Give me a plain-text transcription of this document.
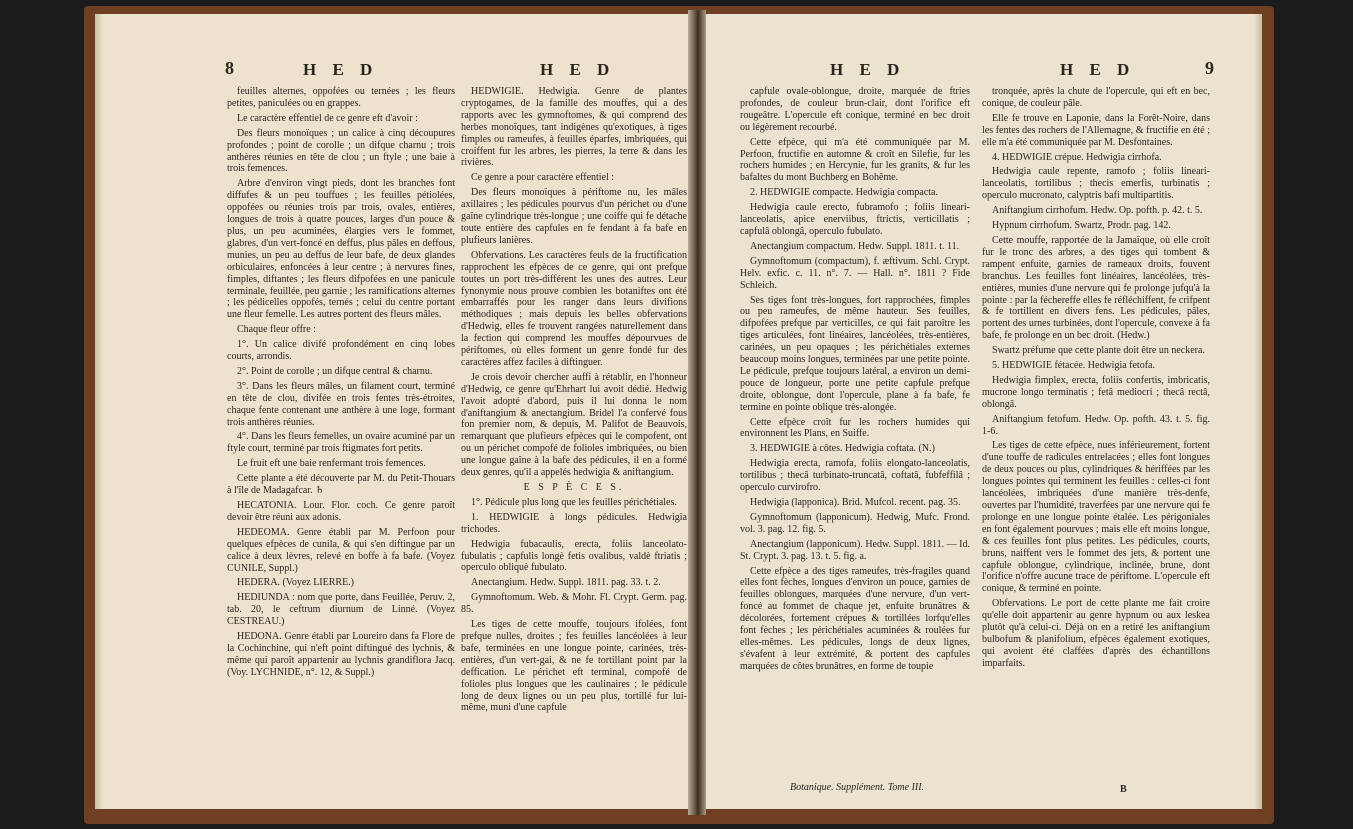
8	H E D	H E D

feuilles alternes, oppofées ou ternées ; les fleurs petites, paniculées ou en grappes.

Le caractère effentiel de ce genre eft d'avoir :

Des fleurs monoïques ; un calice à cinq découpures profondes ; point de corolle ; un difque charnu ; trois anthères réunies en tête de clou ; un ftyle ; une baie à trois femences.

Arbre d'environ vingt pieds, dont les branches font diffufes & un peu touffues ; les feuilles pétiolées, oppofées ou réunies trois par trois, ovales, entières, longues de trois à quatre pouces, larges d'un pouce & plus, un peu acuminées, élargies vers le fommet, glabres, d'un vert-foncé en deffus, plus pâles en deffous, munies, un peu au deffus de leur bafe, de deux glandes orbiculaires, enfoncées à leur centre ; à nervures fines, fimples, diftantes ; les fleurs difpofées en une panicule terminale, feuillée, peu garnie ; les ramifications alternes ; les pédicelles oppofés, ternés ; celui du centre portant une fleur femelle. Les autres portent des fleurs mâles.

Chaque fleur offre :

1°. Un calice divifé profondément en cinq lobes courts, arrondis.

2°. Point de corolle ; un difque central & charnu.

3°. Dans les fleurs mâles, un filament court, terminé en tête de clou, divifée en trois fentes très-étroites, chaque fente contenant une anthère à une loge, formant trois anthères réunies.

4°. Dans les fleurs femelles, un ovaire acuminé par un ftyle court, terminé par trois ftigmates fort petits.

Le fruit eft une baie renfermant trois femences.

Cette plante a été découverte par M. du Petit-Thouars à l'île de Madagafcar. ♄

HECATONIA. Lour. Flor. coch. Ce genre paroît devoir être réuni aux adonis.

HEDEOMA. Genre établi par M. Perfoon pour quelques efpèces de cunila, & qui s'en diftingue par un calice à deux lèvres, relevé en boffe à fa bafe. (Voyez CUNILE, Suppl.)

HEDERA. (Voyez LIERRE.)

HEDIUNDA : nom que porte, dans Feuillée, Peruv. 2, tab. 20, le ceftrum diurnum de Linné. (Voyez CESTREAU.)

HEDONA. Genre établi par Loureiro dans fa Flore de la Cochinchine, qui n'eft point diftingué des lychnis, & même qui paroît appartenir au lychnis grandiflora Jacq. (Voy. LYCHNIDE, n°. 12, & Suppl.)

HEDWIGIE. Hedwigia. Genre de plantes cryptogames, de la famille des mouffes, qui a des rapports avec les gymnoftomes, & qui comprend des herbes monoïques, tant indigènes qu'exotiques, à tiges fimples ou rameufes, à feuilles éparfes, imbriquées, qui croiffent fur les arbres, les pierres, la terre & dans les rivières.

Ce genre a pour caractère effentiel :

Des fleurs monoïques à périftome nu, les mâles axillaires ; les pédicules pourvus d'un périchet ou d'une gaîne cylindrique très-longue ; une coiffe qui fe détache toute entière des capfules en fe fendant à fa bafe en plufieurs lanières.

Obfervations. Les caractères feuls de la fructification rapprochent les efpèces de ce genre, qui ont prefque toutes un port très-différent les unes des autres. Leur fynonymie nous prouve combien les botaniftes ont été embarraffés pour les ranger dans leurs divifions méthodiques ; mais depuis les belles obfervations d'Hedwig, elles fe trouvent rangées naturellement dans la fection qui comprend les mouffes dépourvues de périftomes, où elles forment un genre fondé fur des caractères affez faciles à diftinguer.

Je crois devoir chercher auffi à rétablir, en l'honneur d'Hedwig, ce genre qu'Ehrhart lui avoit dédié. Hedwig l'avoit adopté d'abord, puis il lui donna le nom d'aniftangium & anectangium. Bridel l'a confervé fous fon premier nom, & depuis, M. Palifot de Beauvois, remarquant que plufieurs efpèces qui le compofent, ont ou un périchet compofé de folioles imbriquées, ou bien une longue gaîne à la bafe des pédicules, il en a formé deux genres, qu'il a appelés hedwigia & aniftangium.

E S P È C E S.

1°. Pédicule plus long que les feuilles périchétiales.

1. HEDWIGIE à longs pédicules. Hedwigia trichodes.

Hedwigia fubacaulis, erecta, foliis lanceolato-fubulatis ; capfulis longè fetis ovalibus, valdè ftriatis ; operculo obliquè fubulato.

Anectangium. Hedw. Suppl. 1811. pag. 33. t. 2.

Gymnoftomum. Web. & Mohr. Fl. Crypt. Germ. pag. 85.

Les tiges de cette mouffe, toujours ifolées, font prefque nulles, droites ; fes feuilles lancéolées à leur bafe, terminées en une longue pointe, carinées, très-entières, d'un vert-gai, & ne fe tortillant point par la deffication. Le périchet eft terminal, compofé de folioles plus longues que les caulinaires ; le pédicule long de deux lignes ou un peu plus, tortillé fur lui-même, muni d'une capfule

H E D	H E D	9

capfule ovale-oblongue, droite, marquée de ftries profondes, de couleur brun-clair, dont l'orifice eft rougeâtre. L'opercule eft conique, terminé en bec droit ou légèrement recourbé.

Cette efpèce, qui m'a été communiquée par M. Perfoon, fructifie en automne & croît en Silefie, fur les rochers humides ; en Hercynie, fur les granits, & fur les bafaltes du mont Buchberg en Bohême.

2. HEDWIGIE compacte. Hedwigia compacta.

Hedwigia caule erecto, fubramofo ; foliis lineari-lanceolatis, apice enerviibus, ftrictis, verticillatis ; capfulâ oblongâ, operculo fubulato.

Anectangium compactum. Hedw. Suppl. 1811. t. 11.

Gymnoftomum (compactum), f. æftivum. Schl. Crypt. Helv. exfic. c. 11. n°. 7. — Hall. n°. 1811 ? Fide Schleich.

Ses tiges font très-longues, fort rapprochées, fimples ou peu rameufes, de même hauteur. Ses feuilles, difpofées prefque par verticilles, ce qui fait paroître les tiges articulées, font linéaires, lancéolées, très-entières, carinées, un peu opaques ; les périchétiales externes beaucoup moins longues, terminées par une petite pointe. Le pédicule, prefque toujours latéral, a environ un demi-pouce de longueur, porte une petite capfule prefque droite, oblongue, dont l'opercule, plane à fa bafe, fe termine en pointe oblique très-alongée.

Cette efpèce croît fur les rochers humides qui environnent les Plans, en Suiffe.

3. HEDWIGIE à côtes. Hedwigia coftata. (N.)

Hedwigia erecta, ramofa, foliis elongato-lanceolatis, tortilibus ; thecâ turbinato-truncatâ, coftatâ, fubfeffilâ ; operculo curvirofro.

Hedwigia (lapponica). Brid. Mufcol. recent. pag. 35.

Gymnoftomum (lapponicum). Hedwig, Mufc. Frond. vol. 3. pag. 12. fig. 5.

Anectangium (lapponicum). Hedw. Suppl. 1811. — Id. St. Crypt. 3. pag. 13. t. 5. fig. a.

Cette efpèce a des tiges rameufes, très-fragiles quand elles font fèches, longues d'environ un pouce, garnies de feuilles oblongues, marquées d'une nervure, d'un vert-foncé au fommet de chaque jet, enfuite brunâtres & décolorées, fortement crépues & tortillées lorfqu'elles font fèches ; les périchétiales acuminées & roulées fur elles-mêmes. Les pédicules, longs de deux lignes, s'évafent à leur extrémité, & portent des capfules marquées de côtes brunâtres, en forme de toupie

tronquée, après la chute de l'opercule, qui eft en bec, conique, de couleur pâle.

Elle fe trouve en Laponie, dans la Forêt-Noire, dans les fentes des rochers de l'Allemagne, & fructifie en été ; elle m'a été communiquée par M. Desfontaines.

4. HEDWIGIE crépue. Hedwigia cirrhofa.

Hedwigia caule repente, ramofo ; foliis lineari-lanceolatis, tortilibus ; thecis emerfis, turbinatis ; operculo mucronato, calyptris bafi multipartitis.

Aniftangium cirrhofum. Hedw. Op. pofth. p. 42. t. 5.

Hypnum cirrhofum. Swartz, Prodr. pag. 142.

Cette mouffe, rapportée de la Jamaïque, où elle croît fur le tronc des arbres, a des tiges qui tombent & rampent enfuite, garnies de rameaux droits, fouvent branchus. Les feuilles font linéaires, lancéolées, très-entières, munies d'une nervure qui fe prolonge jufqu'à la pointe : par la féchereffe elles fe réfléchiffent, fe crifpent & fe tortillent en divers fens. Les pédicules, pâles, portent des urnes turbinées, dont l'opercule, convexe à fa bafe, fe prolonge en un bec droit. (Hedw.)

Swartz préfume que cette plante doit être un neckera.

5. HEDWIGIE fétacée. Hedwigia fetofa.

Hedwigia fimplex, erecta, foliis confertis, imbricatis, mucrone longo terminatis ; fetâ mediocri ; thecâ rectâ, oblongâ.

Aniftangium fetofum. Hedw. Op. pofth. 43. t. 5. fig. 1-6.

Les tiges de cette efpèce, nues inférieurement, fortent d'une touffe de radicules entrelacées ; elles font longues de deux pouces ou plus, cylindriques & hériffées par les longues pointes qui terminent les feuilles : celles-ci font lancéolées, imbriquées d'une manière très-denfe, ouvertes par l'humidité, traverfées par une nervure qui fe prolonge en une longue pointe étalée. Les périgoniales en font également pourvues ; mais elle eft moins longue, & ces feuilles font plus petites. Les pédicules, courts, bruns, naiffent vers le fommet des jets, & portent une capfule oblongue, cylindrique, inclinée, brune, dont l'orifice n'offre aucune trace de périftome. L'opercule eft conique, & terminé en pointe.

Obfervations. Le port de cette plante me fait croire qu'elle doit appartenir au genre hypnum ou aux leskea plutôt qu'à celui-ci. Déjà on en a retiré les aniftangium bulbofum & planifolium, efpèces également exotiques, qui avoient été claffées d'après des échantillons imparfaits.

Botanique. Supplément. Tome III.	B
